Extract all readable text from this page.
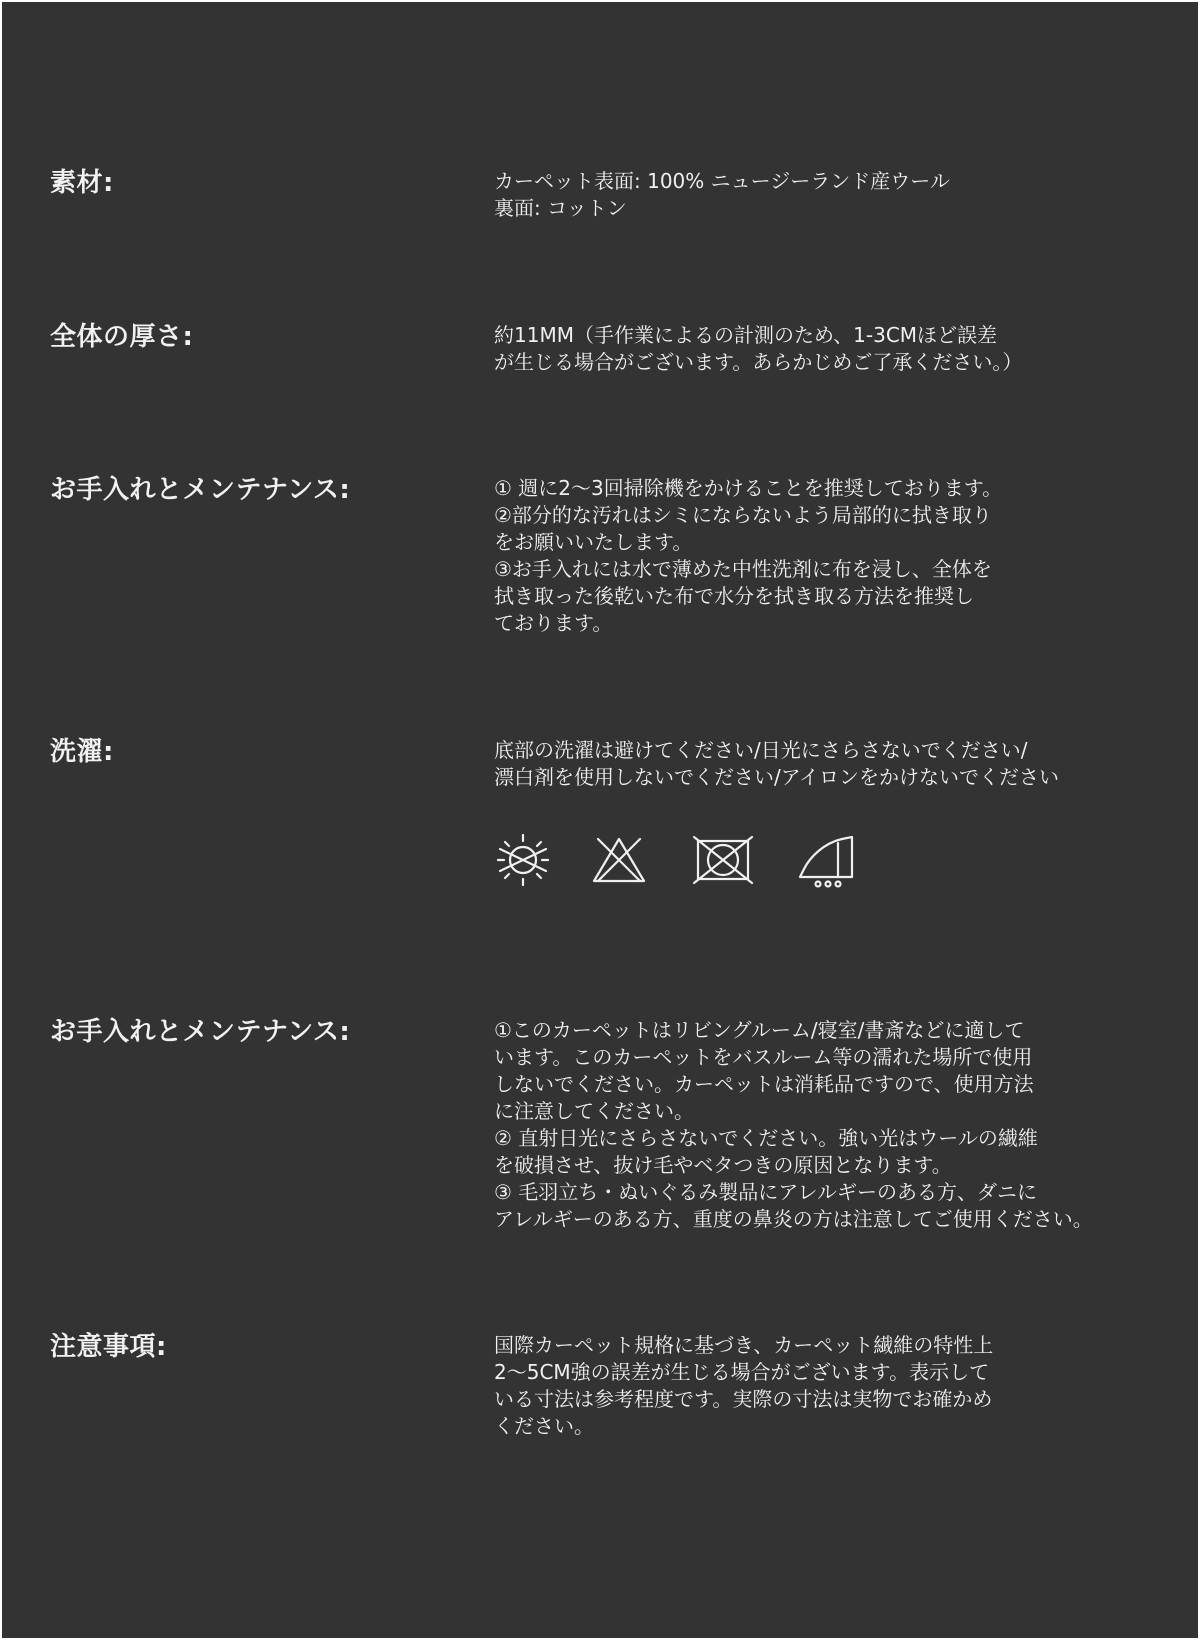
素材:	カーペット表面: 100% ニュージーランド産ウール
裏面: コットン
全体の厚さ:	約11MM（手作業によるの計測のため、1-3CMほど誤差
が生じる場合がございます。あらかじめご了承ください。）
お手入れとメンテナンス:	① 週に2〜3回掃除機をかけることを推奨しております。
②部分的な汚れはシミにならないよう局部的に拭き取り
をお願いいたします。
③お手入れには水で薄めた中性洗剤に布を浸し、全体を
拭き取った後乾いた布で水分を拭き取る方法を推奨し
ております。
洗濯:	底部の洗濯は避けてください/日光にさらさないでください/
漂白剤を使用しないでください/アイロンをかけないでください
お手入れとメンテナンス:	①このカーペットはリビングルーム/寝室/書斎などに適して
います。このカーペットをバスルーム等の濡れた場所で使用
しないでください。カーペットは消耗品ですので、使用方法
に注意してください。
② 直射日光にさらさないでください。強い光はウールの繊維
を破損させ、抜け毛やベタつきの原因となります。
③ 毛羽立ち・ぬいぐるみ製品にアレルギーのある方、ダニに
アレルギーのある方、重度の鼻炎の方は注意してご使用ください。
注意事項:	国際カーペット規格に基づき、カーペット繊維の特性上
2〜5CM強の誤差が生じる場合がございます。表示して
いる寸法は参考程度です。実際の寸法は実物でお確かめ
ください。
